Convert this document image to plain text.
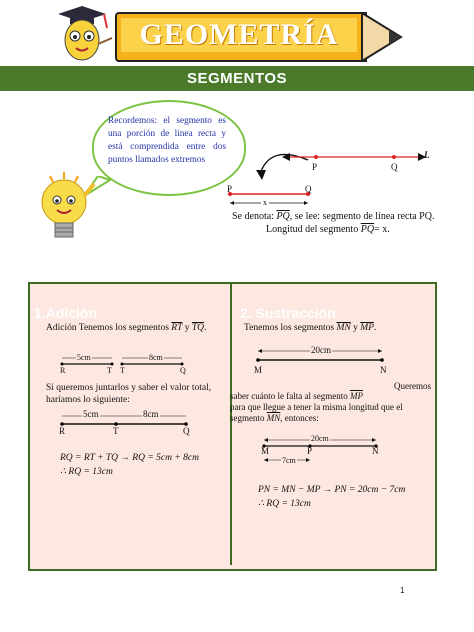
GEOMETRÍA
SEGMENTOS
Recordemos: el segmento es una porción de línea recta y está comprendida entre dos puntos llamados extremos	L
P	Q
P	Q
x
Se denota: $\overline{PQ}$, se lee: segmento de línea recta PQ.
Longitud del segmento $\overline{PQ}= x$.
1.Adición
Adición Tenemos los segmentos $\overline{RT}$ y $\overline{TQ}$.
5cm	8cm
R	T T	Q
Si queremos juntarlos y saber el valor total, haríamos lo siguiente:
5cm	8cm
R	T	Q
RQ = RT + TQ → RQ = 5cm + 8cm
∴ RQ = 13cm
2. Sustracción
Tenemos los segmentos $\overline{MN}$ y $\overline{MP}$.
20cm
M	N
Queremos
saber cuánto le falta al segmento $\overline{MP}$
para que llegue a tener la misma longitud que el
segmento $\overline{MN}$, entonces:
20cm
7cm
M	P	N
PN = MN − MP → PN = 20cm − 7cm
∴ RQ = 13cm
1
